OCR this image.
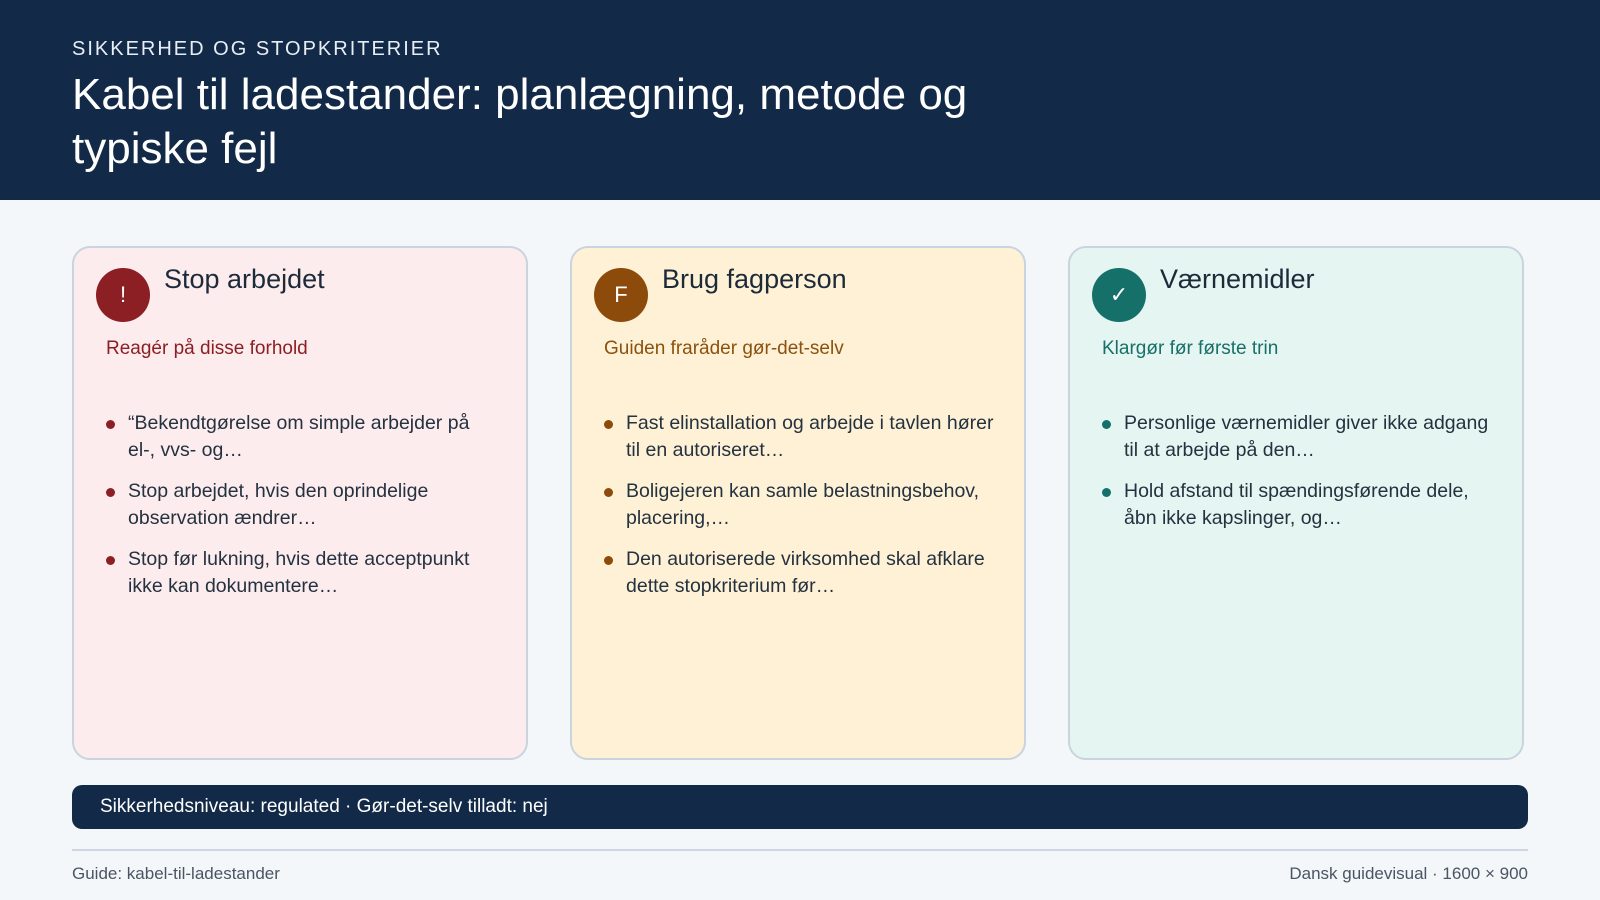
SIKKERHED OG STOPKRITERIER
Kabel til ladestander: planlægning, metode og typiske fejl
!
Stop arbejdet
Reagér på disse forhold
“Bekendtgørelse om simple arbejder på el-, vvs- og…
Stop arbejdet, hvis den oprindelige observation ændrer…
Stop før lukning, hvis dette acceptpunkt ikke kan dokumentere…
F
Brug fagperson
Guiden fraråder gør-det-selv
Fast elinstallation og arbejde i tavlen hører til en autoriseret…
Boligejeren kan samle belastningsbehov, placering,…
Den autoriserede virksomhed skal afklare dette stopkriterium før…
✓
Værnemidler
Klargør før første trin
Personlige værnemidler giver ikke adgang til at arbejde på den…
Hold afstand til spændingsførende dele, åbn ikke kapslinger, og…
Sikkerhedsniveau: regulated · Gør-det-selv tilladt: nej
Guide: kabel-til-ladestander	Dansk guidevisual · 1600 × 900
